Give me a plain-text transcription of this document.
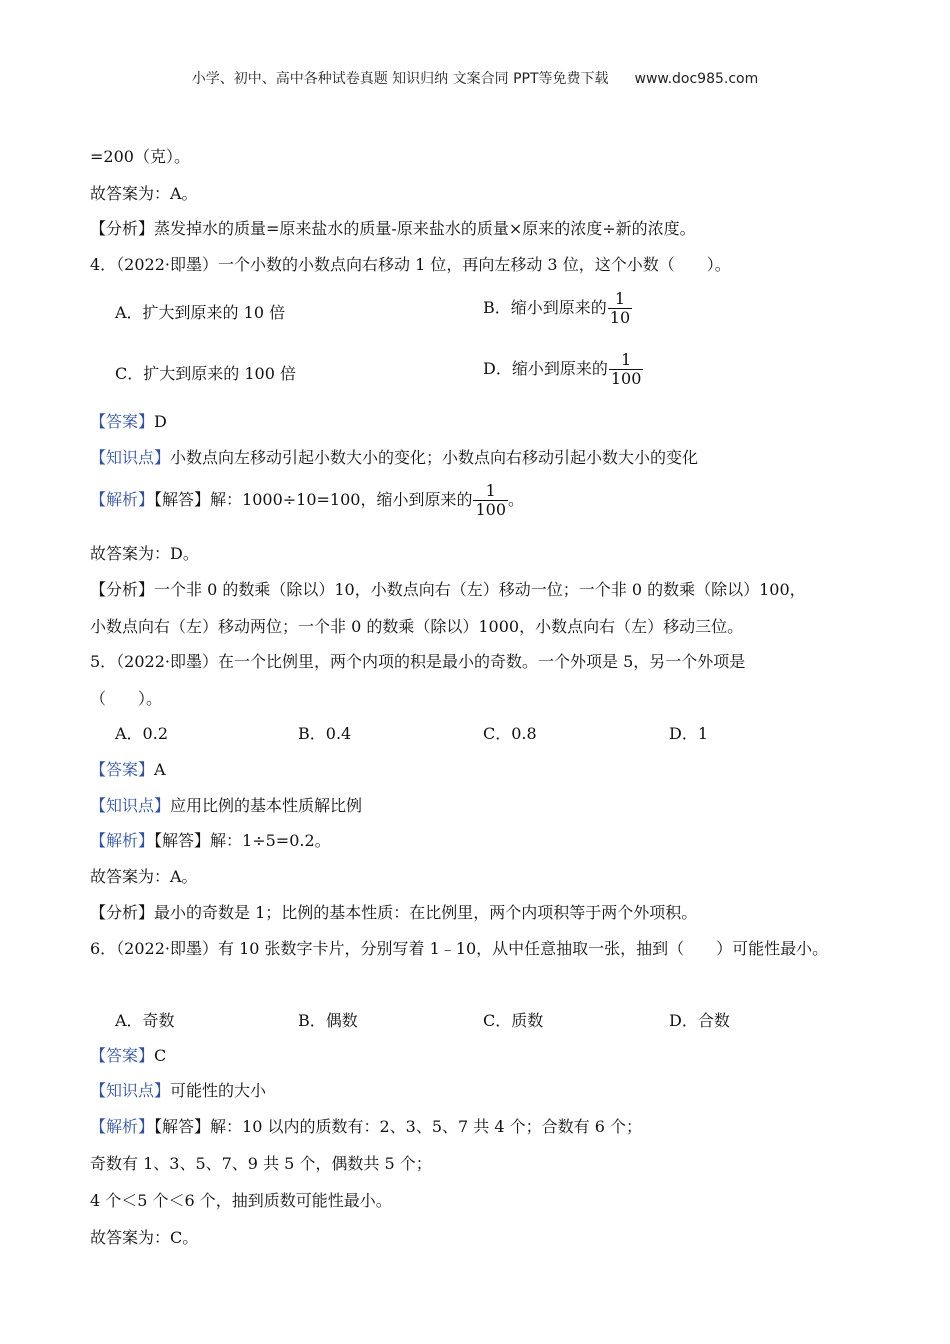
小学、初中、高中各种试卷真题 知识归纳 文案合同 PPT等免费下载 www.doc985.com
=200（克）。
故答案为：A。
【分析】蒸发掉水的质量=原来盐水的质量-原来盐水的质量×原来的浓度÷新的浓度。
4．（2022·即墨）一个小数的小数点向右移动 1 位，再向左移动 3 位，这个小数（　　）。
A．扩大到原来的 10 倍	B．缩小到原来的 $\frac{1}{10}$
C．扩大到原来的 100 倍	D．缩小到原来的 $\frac{1}{100}$
【答案】D
【知识点】小数点向左移动引起小数大小的变化；小数点向右移动引起小数大小的变化
【解析】【解答】解：1000÷10=100，缩小到原来的 $\frac{1}{100}$ 。
故答案为：D。
【分析】一个非 0 的数乘（除以）10，小数点向右（左）移动一位；一个非 0 的数乘（除以）100，
小数点向右（左）移动两位；一个非 0 的数乘（除以）1000，小数点向右（左）移动三位。
5．（2022·即墨）在一个比例里，两个内项的积是最小的奇数。一个外项是 5，另一个外项是
（　　）。
A．0.2	B．0.4	C．0.8	D．1
【答案】A
【知识点】应用比例的基本性质解比例
【解析】【解答】解：1÷5=0.2。
故答案为：A。
【分析】最小的奇数是 1；比例的基本性质：在比例里，两个内项积等于两个外项积。
6．（2022·即墨）有 10 张数字卡片，分别写着 1﹣10，从中任意抽取一张，抽到（　　）可能性最小。
A．奇数	B．偶数	C．质数	D．合数
【答案】C
【知识点】可能性的大小
【解析】【解答】解：10 以内的质数有：2、3、5、7 共 4 个；合数有 6 个；
奇数有 1、3、5、7、9 共 5 个，偶数共 5 个；
4 个＜5 个＜6 个，抽到质数可能性最小。
故答案为：C。
